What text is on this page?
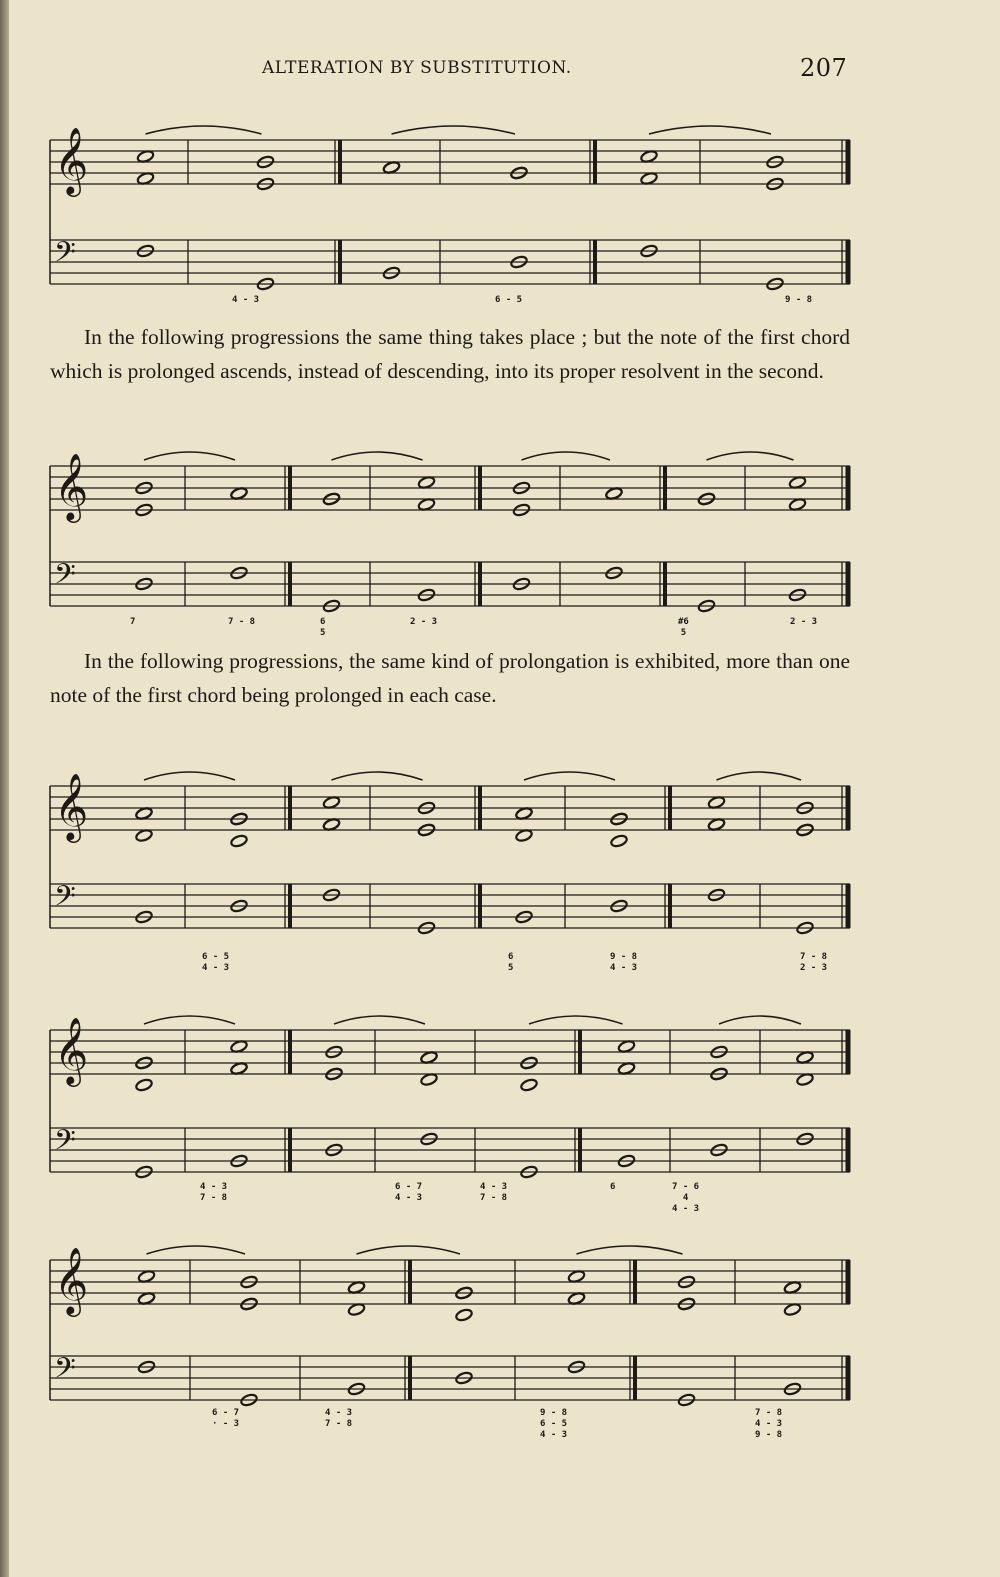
ALTERATION BY SUBSTITUTION.	207
𝄞
𝄢
𝄞
𝄢
𝄞
𝄢
𝄞
𝄢
𝄞
𝄢
In the following progressions the same thing takes place ; but the note of the first chord which is prolonged ascends, instead of descending, into its proper resolvent in the second.
In the following progressions, the same kind of prolongation is exhibited, more than one note of the first chord being prolonged in each case.
4 - 3	6 - 5	9 - 8
7	7 - 8	6
5
2 - 3	#6
5
2 - 3
6 - 5
4 - 3
6
5
9 - 8
4 - 3
7 - 8
2 - 3
4 - 3
7 - 8
6 - 7
4 - 3
4 - 3
7 - 8
6	7 - 6
4
4 - 3
6 - 7
· - 3
4 - 3
7 - 8
9 - 8
6 - 5
4 - 3
7 - 8
4 - 3
9 - 8
